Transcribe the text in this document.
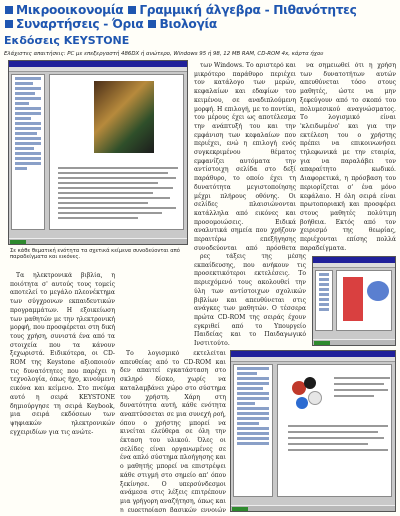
Μικροοικονομία Γραμμική άλγεβρα - Πιθανότητες
Συναρτήσεις - Όρια Βιολογία
Εκδόσεις KEYSTONE
Ελάχιστες απαιτήσεις: PC με επεξεργαστή 486DX ή ανώτερο, Windows 95 ή 98, 12 MB RAM, CD-ROM 4x, κάρτα ήχου
Σε κάθε θεματική ενότητα τα σχετικά κείμενα συνοδεύονται από παραδείγματα και εικόνες.	ρες τάξεις της μέσης εκπαίδευσης, που ανήκουν τις προσεκτικότεροι εκτελέσεις. Το περιεχόμενό τους ακολουθεί την ύλη των αντίστοιχων σχολικών βιβλίων και απευθύνεται στις ανάγκες των μαθητών. Ο τέσσερα πρώτα CD-ROM της σειράς έχουν εγκριθεί από το Υπουργείο Παιδείας και το Παιδαγωγικό Ινστιτούτο.

Τα ηλεκτρονικά βιβλία, η ποιότητα σ' αυτούς τους τομείς αποτελεί το μεγάλο πλεονέκτημα των σύγχρονων εκπαιδευτικών προγραμμάτων. Η εξοικείωση των μαθητών με την ηλεκτρονική μορφή, που προσφέρεται στη δική τους χρήση, συνιστά ένα από τα στοιχεία που τα κάνουν ξεχωριστά. Ειδικότερα, οι CD-ROM της Keystone αξιοποιούν τις δυνατότητες που παρέχει η τεχνολογία, όπως ήχο, κινούμενη εικόνα και κείμενο. Στο πνεύμα αυτό η σειρά KEYSTONE δημιούργησε τη σειρά Keybook, μια σειρά εκδόσεων των ψηφιακών ηλεκτρονικών εγχειριδίων για τις ανώτε-

Το λογισμικό εκτελείται απευθείας από το CD-ROM και δεν απαιτεί εγκατάσταση στο σκληρό δίσκο, χωρίς να καταλαμβάνει χώρο στο σύστημα του χρήστη. Χάρη στη δυνατότητα αυτή, κάθε ενότητα αναπτύσσεται σε μια συνεχή ροή, όπου ο χρήστης μπορεί να κινείται ελεύθερα σε όλη την έκταση του υλικού. Όλες οι σελίδες είναι οργανωμένες σε ένα απλό σύστημα πλοήγησης και ο μαθητής μπορεί να επιστρέψει κάθε στιγμή στο σημείο απ' όπου ξεκίνησε. Ο υπερσύνδεσμοι ανάμεσα στις λέξεις επιτρέπουν μια γρήγορη αναζήτηση, όπως και η ευρετηρίαση βασικών εννοιών

των Windows. Το αριστερό και μικρότερο παράθυρο περιέχει τον κατάλογο των μερών, κεφαλαίων και εδαφίων του κειμένου, σε αναδιπλούμενη μορφή. Η επιλογή, με το ποντίκι, του μέρους έχει ως αποτέλεσμα την ανάπτυξή του και την εμφάνιση των κεφαλαίων που περιέχει, ενώ η επιλογή ενός συγκεκριμένου θέματος εμφανίζει αυτόματα την αντίστοιχη σελίδα στο δεξί παράθυρο, το οποίο έχει τη δυνατότητα μεγιστοποίησης μέχρι πλήρους οθόνης. Οι σελίδες πλαισιώνονται κατάλληλα από εικόνες και προσομοιώσεις. Ειδικά αναλυτικά σημεία που χρήζουν περαιτέρω επεξήγησης συνοδεύονται από πρόσθετα

να σημειωθεί ότι η χρήση των δυνατοτήτων αυτών απευθύνεται τόσο στους μαθητές, ώστε να μην ξεφεύγουν από το σκοπό του πολυμεσικού αναγνώσματος. Το λογισμικό είναι 'κλειδωμένο' και για την εκτέλεση του ο χρήστης πρέπει να επικοινωνήσει τηλεφωνικά με την εταιρία, για να παραλάβει τον απαραίτητο κωδικό. Διαφορετικά, η πρόσβαση του περιορίζεται σ' ένα μόνο κεφάλαιο. Η όλη σειρά είναι πρωτοποριακή και προσφέρει στους μαθητές πολύτιμη βοήθεια. Εκτός από τον χειρισμό της θεωρίας, περιέχονται επίσης πολλά παραδείγματα.
